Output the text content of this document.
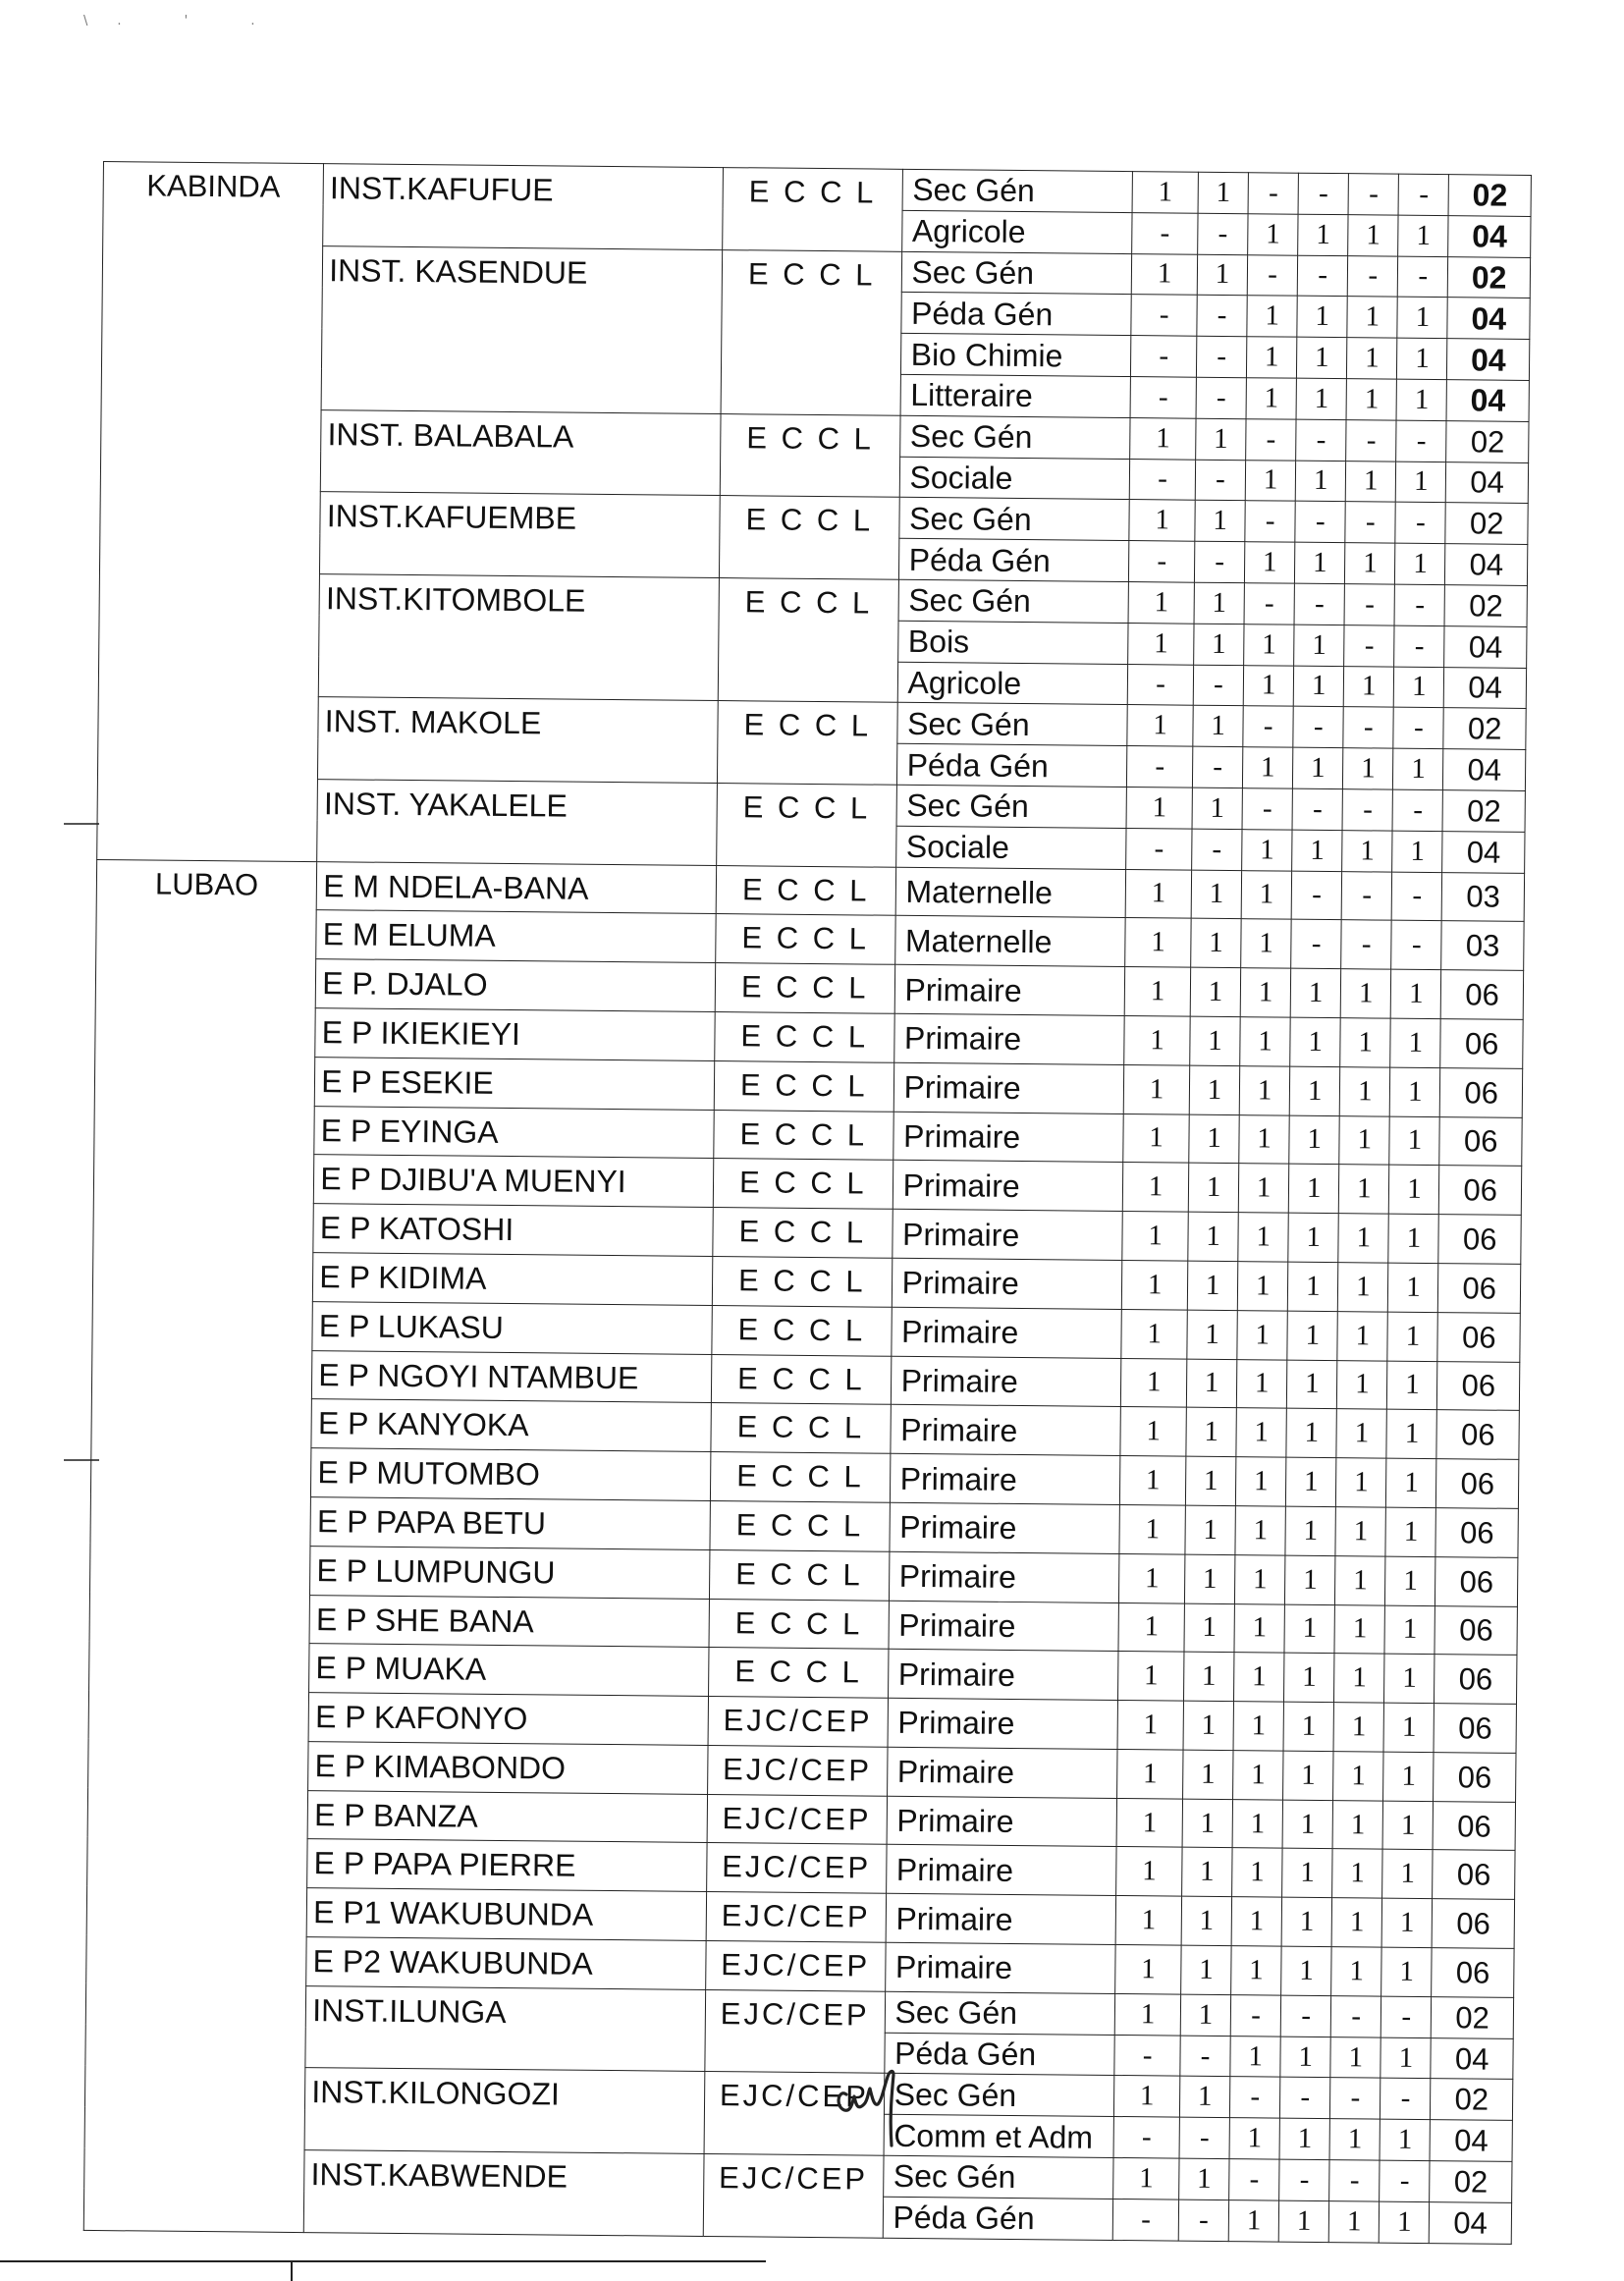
\. ' .
KABINDA	INST.KAFUFUE	E C C L	Sec Gén	1	1	-	-	-	-	02
			Agricole	-	-	1	1	1	1	04
	INST. KASENDUE	E C C L	Sec Gén	1	1	-	-	-	-	02
			Péda Gén	-	-	1	1	1	1	04
			Bio Chimie	-	-	1	1	1	1	04
			Litteraire	-	-	1	1	1	1	04
	INST. BALABALA	E C C L	Sec Gén	1	1	-	-	-	-	02
			Sociale	-	-	1	1	1	1	04
	INST.KAFUEMBE	E C C L	Sec Gén	1	1	-	-	-	-	02
			Péda Gén	-	-	1	1	1	1	04
	INST.KITOMBOLE	E C C L	Sec Gén	1	1	-	-	-	-	02
			Bois	1	1	1	1	-	-	04
			Agricole	-	-	1	1	1	1	04
	INST. MAKOLE	E C C L	Sec Gén	1	1	-	-	-	-	02
			Péda Gén	-	-	1	1	1	1	04
	INST. YAKALELE	E C C L	Sec Gén	1	1	-	-	-	-	02
			Sociale	-	-	1	1	1	1	04
LUBAO	E M NDELA-BANA	E C C L	Maternelle	1	1	1	-	-	-	03
	E M ELUMA	E C C L	Maternelle	1	1	1	-	-	-	03
	E P. DJALO	E C C L	Primaire	1	1	1	1	1	1	06
	E P IKIEKIEYI	E C C L	Primaire	1	1	1	1	1	1	06
	E P ESEKIE	E C C L	Primaire	1	1	1	1	1	1	06
	E P EYINGA	E C C L	Primaire	1	1	1	1	1	1	06
	E P DJIBU'A MUENYI	E C C L	Primaire	1	1	1	1	1	1	06
	E P KATOSHI	E C C L	Primaire	1	1	1	1	1	1	06
	E P KIDIMA	E C C L	Primaire	1	1	1	1	1	1	06
	E P LUKASU	E C C L	Primaire	1	1	1	1	1	1	06
	E P NGOYI NTAMBUE	E C C L	Primaire	1	1	1	1	1	1	06
	E P KANYOKA	E C C L	Primaire	1	1	1	1	1	1	06
	E P MUTOMBO	E C C L	Primaire	1	1	1	1	1	1	06
	E P PAPA BETU	E C C L	Primaire	1	1	1	1	1	1	06
	E P LUMPUNGU	E C C L	Primaire	1	1	1	1	1	1	06
	E P SHE BANA	E C C L	Primaire	1	1	1	1	1	1	06
	E P MUAKA	E C C L	Primaire	1	1	1	1	1	1	06
	E P KAFONYO	EJC/CEP	Primaire	1	1	1	1	1	1	06
	E P KIMABONDO	EJC/CEP	Primaire	1	1	1	1	1	1	06
	E P BANZA	EJC/CEP	Primaire	1	1	1	1	1	1	06
	E P PAPA PIERRE	EJC/CEP	Primaire	1	1	1	1	1	1	06
	E P1 WAKUBUNDA	EJC/CEP	Primaire	1	1	1	1	1	1	06
	E P2 WAKUBUNDA	EJC/CEP	Primaire	1	1	1	1	1	1	06
	INST.ILUNGA	EJC/CEP	Sec Gén	1	1	-	-	-	-	02
			Péda Gén	-	-	1	1	1	1	04
	INST.KILONGOZI	EJC/CEP	Sec Gén	1	1	-	-	-	-	02
			Comm et Adm	-	-	1	1	1	1	04
	INST.KABWENDE	EJC/CEP	Sec Gén	1	1	-	-	-	-	02
			Péda Gén	-	-	1	1	1	1	04
